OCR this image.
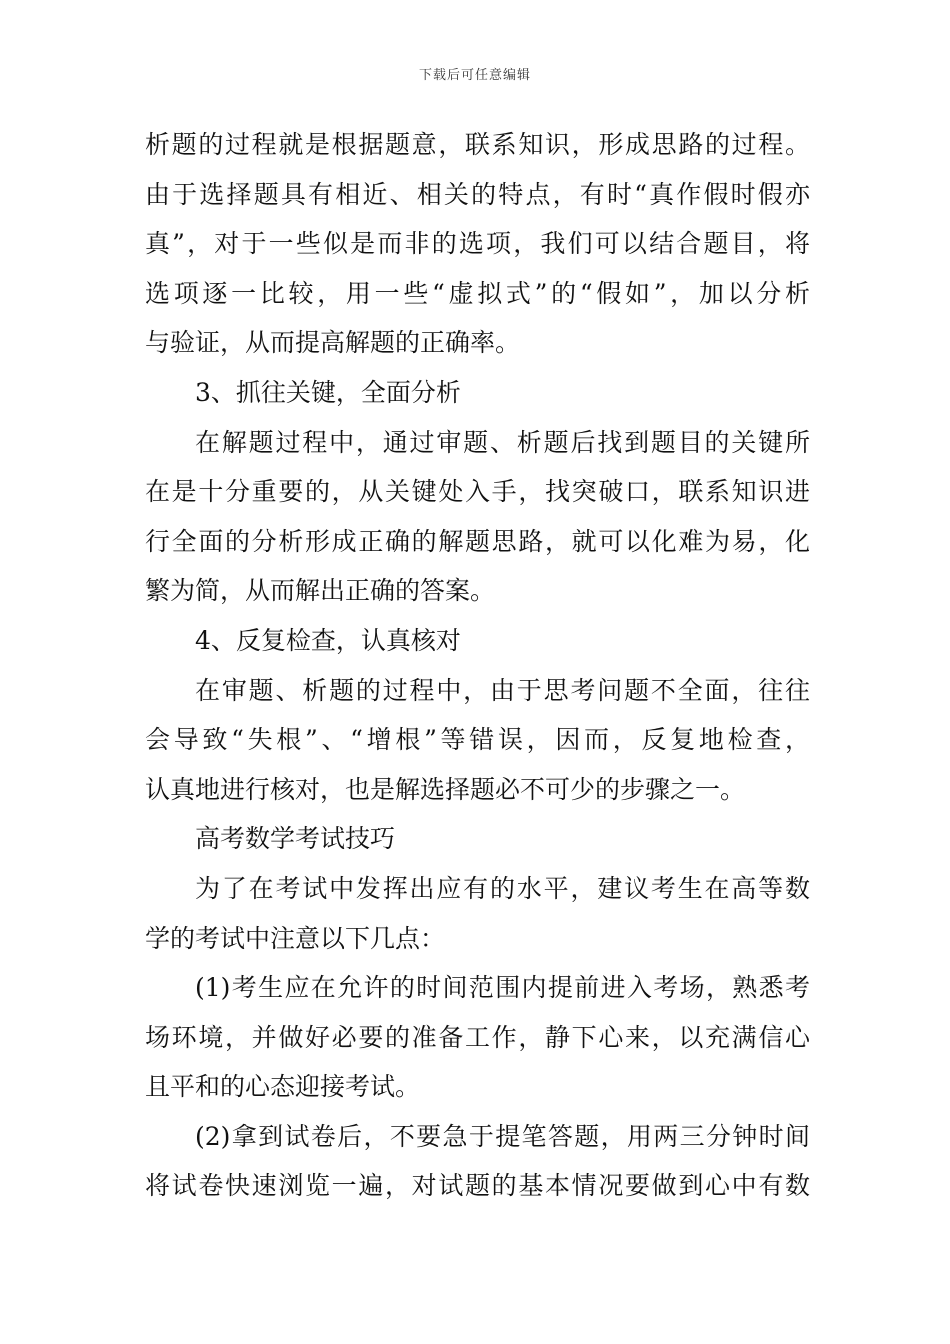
下载后可任意编辑
析题的过程就是根据题意，联系知识，形成思路的过程。
由于选择题具有相近、相关的特点，有时“真作假时假亦
真”，对于一些似是而非的选项，我们可以结合题目，将
选项逐一比较，用一些“虚拟式”的“假如”，加以分析
与验证，从而提高解题的正确率。
3、抓往关键，全面分析
在解题过程中，通过审题、析题后找到题目的关键所
在是十分重要的，从关键处入手，找突破口，联系知识进
行全面的分析形成正确的解题思路，就可以化难为易，化
繁为简，从而解出正确的答案。
4、反复检查，认真核对
在审题、析题的过程中，由于思考问题不全面，往往
会导致“失根”、“增根”等错误，因而，反复地检查，
认真地进行核对，也是解选择题必不可少的步骤之一。
高考数学考试技巧
为了在考试中发挥出应有的水平，建议考生在高等数
学的考试中注意以下几点：
(1)考生应在允许的时间范围内提前进入考场，熟悉考
场环境，并做好必要的准备工作，静下心来，以充满信心
且平和的心态迎接考试。
(2)拿到试卷后，不要急于提笔答题，用两三分钟时间
将试卷快速浏览一遍，对试题的基本情况要做到心中有数
